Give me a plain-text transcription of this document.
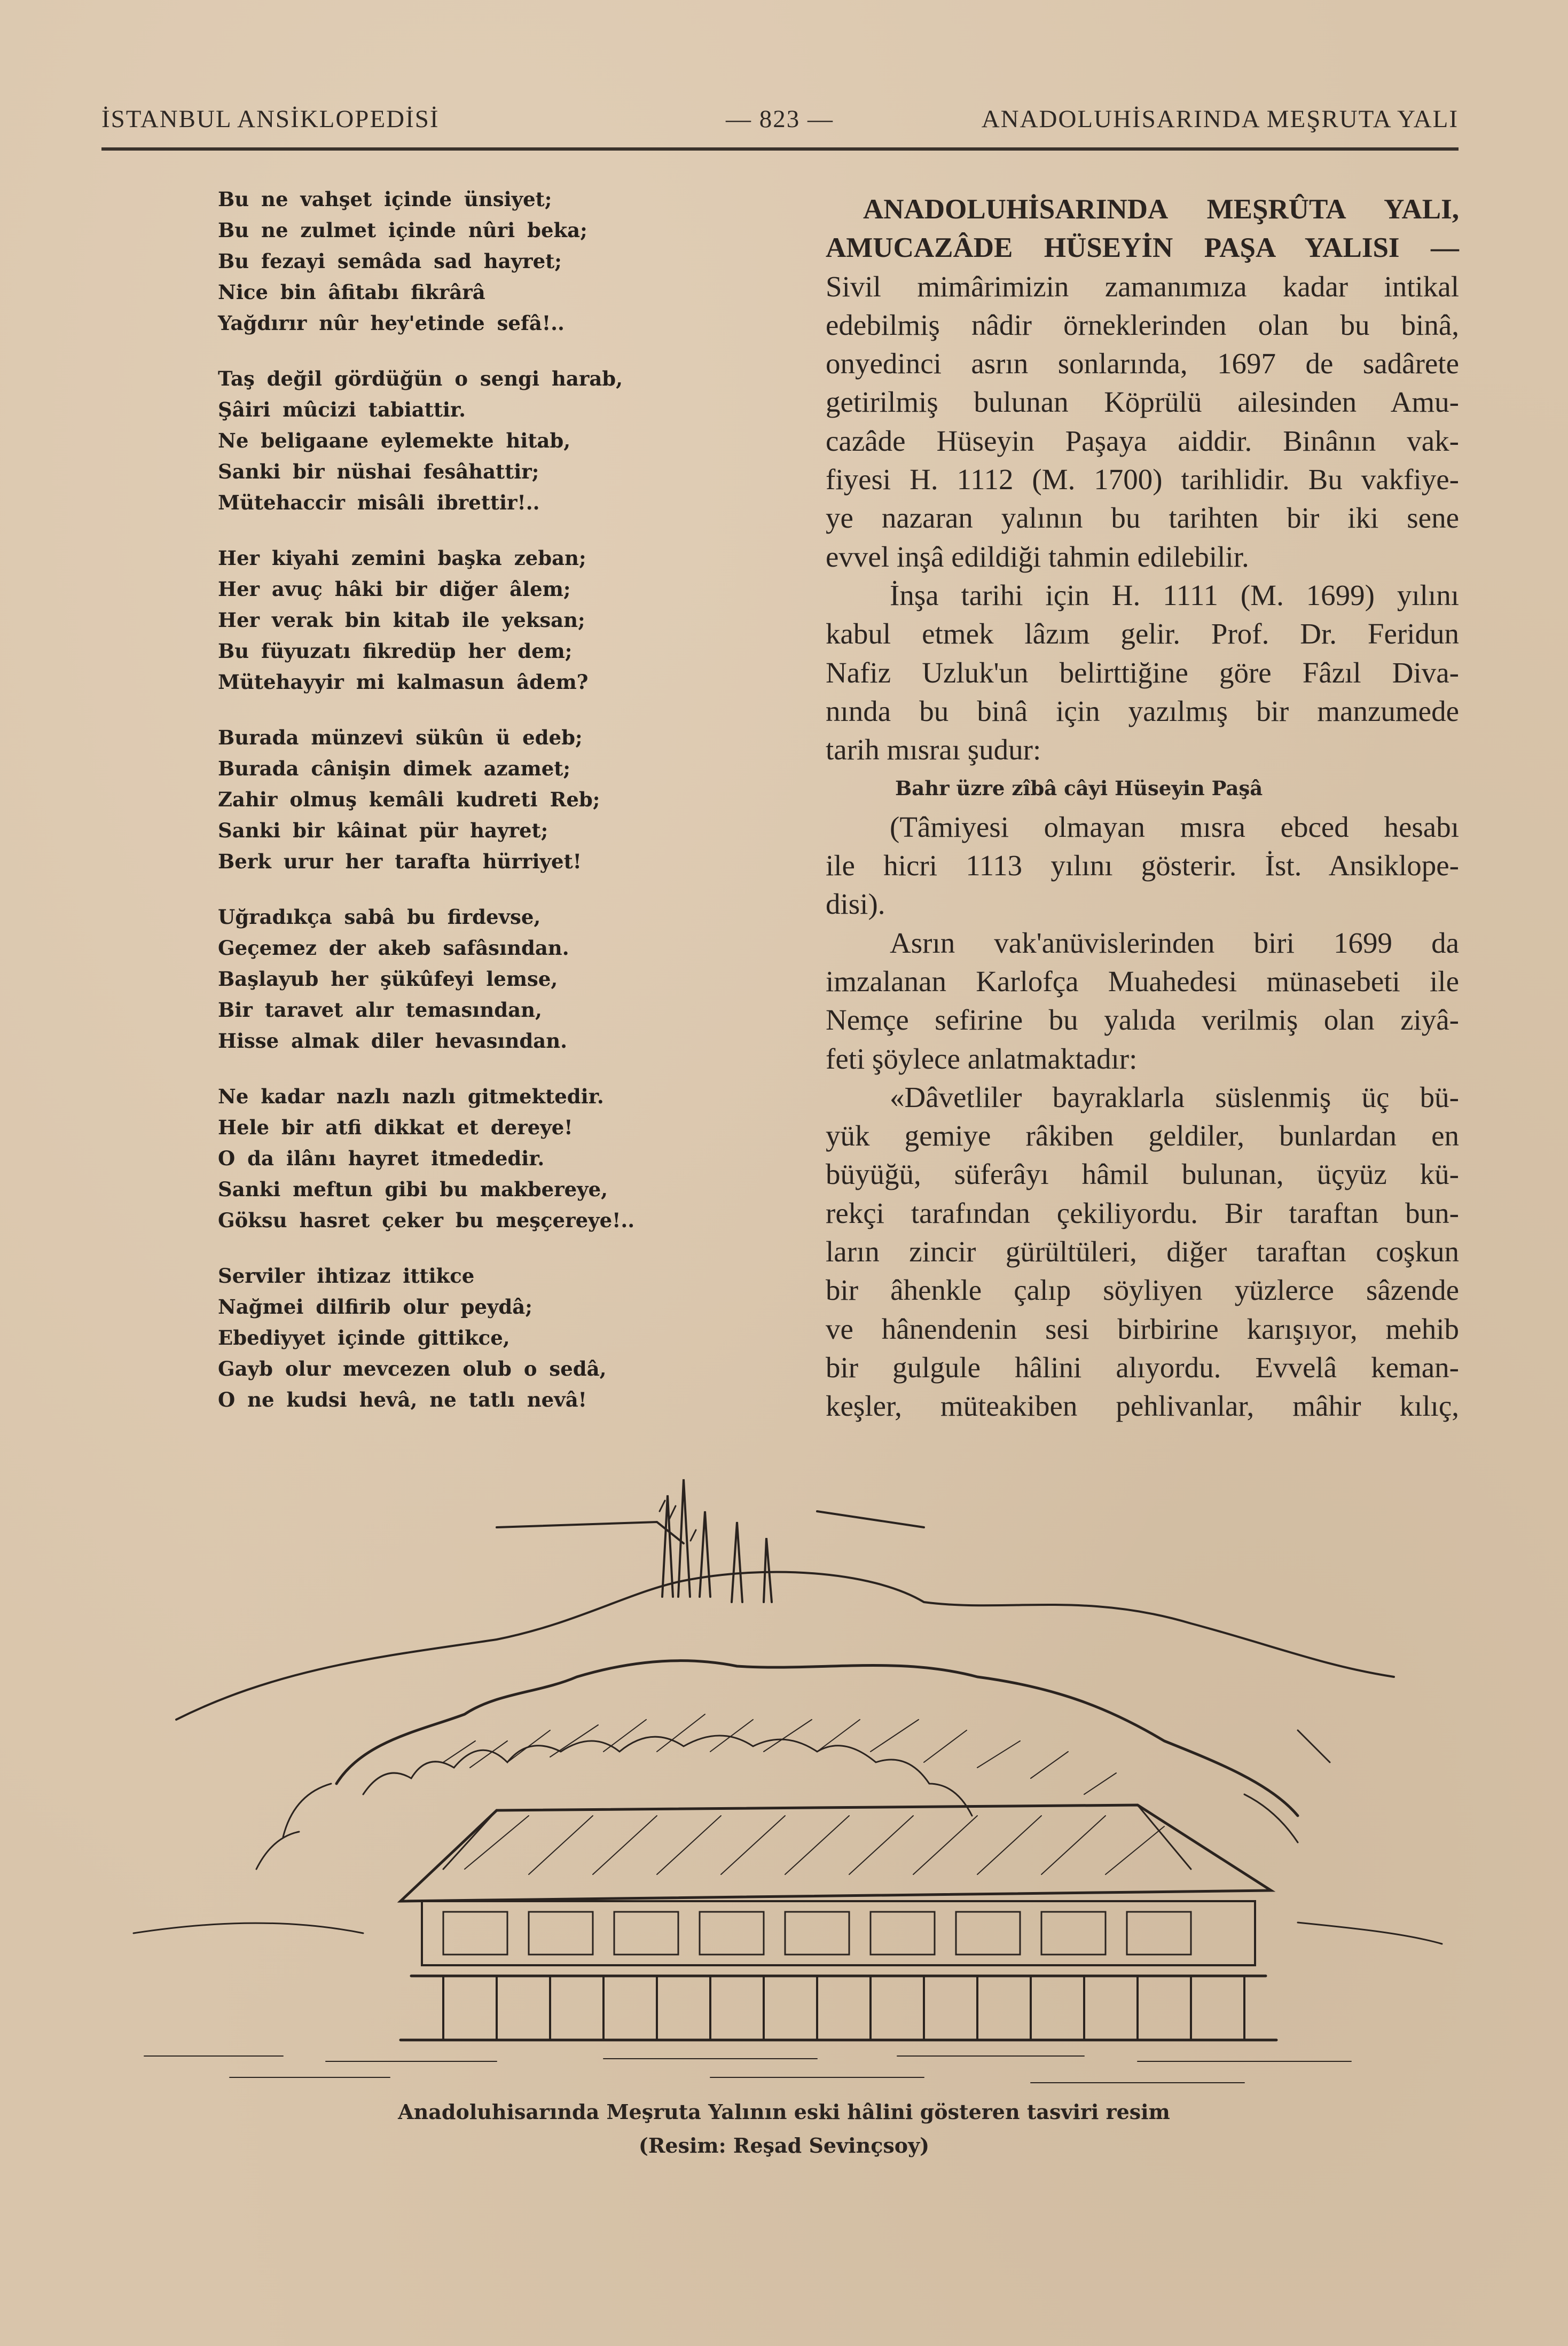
İSTANBUL ANSİKLOPEDİSİ	— 823 —	ANADOLUHİSARINDA MEŞRUTA YALI
Bu ne vahşet içinde ünsiyet;
Bu ne zulmet içinde nûri beka;
Bu fezayi semâda sad hayret;
Nice bin âfitabı fikrârâ
Yağdırır nûr hey'etinde sefâ!..
Taş değil gördüğün o sengi harab,
Şâiri mûcizi tabiattir.
Ne beligaane eylemekte hitab,
Sanki bir nüshai fesâhattir;
Mütehaccir misâli ibrettir!..
Her kiyahi zemini başka zeban;
Her avuç hâki bir diğer âlem;
Her verak bin kitab ile yeksan;
Bu füyuzatı fikredüp her dem;
Mütehayyir mi kalmasun âdem?
Burada münzevi sükûn ü edeb;
Burada cânişin dimek azamet;
Zahir olmuş kemâli kudreti Reb;
Sanki bir kâinat pür hayret;
Berk urur her tarafta hürriyet!
Uğradıkça sabâ bu firdevse,
Geçemez der akeb safâsından.
Başlayub her şükûfeyi lemse,
Bir taravet alır temasından,
Hisse almak diler hevasından.
Ne kadar nazlı nazlı gitmektedir.
Hele bir atfi dikkat et dereye!
O da ilânı hayret itmededir.
Sanki meftun gibi bu makbereye,
Göksu hasret çeker bu meşçereye!..
Serviler ihtizaz ittikce
Nağmei dilfirib olur peydâ;
Ebediyyet içinde gittikce,
Gayb olur mevcezen olub o sedâ,
O ne kudsi hevâ, ne tatlı nevâ!
ANADOLUHİSARINDA MEŞRÛTA YALI,
AMUCAZÂDE HÜSEYİN PAŞA YALISI —
Sivil mimârimizin zamanımıza kadar intikal
edebilmiş nâdir örneklerinden olan bu binâ,
onyedinci asrın sonlarında, 1697 de sadârete
getirilmiş bulunan Köprülü ailesinden Amu-
cazâde Hüseyin Paşaya aiddir. Binânın vak-
fiyesi H. 1112 (M. 1700) tarihlidir. Bu vakfiye-
ye nazaran yalının bu tarihten bir iki sene
evvel inşâ edildiği tahmin edilebilir.
İnşa tarihi için H. 1111 (M. 1699) yılını
kabul etmek lâzım gelir. Prof. Dr. Feridun
Nafiz Uzluk'un belirttiğine göre Fâzıl Diva-
nında bu binâ için yazılmış bir manzumede
tarih mısraı şudur:
Bahr üzre zîbâ câyi Hüseyin Paşâ
(Tâmiyesi olmayan mısra ebced hesabı
ile hicri 1113 yılını gösterir. İst. Ansiklope-
disi).
Asrın vak'anüvislerinden biri 1699 da
imzalanan Karlofça Muahedesi münasebeti ile
Nemçe sefirine bu yalıda verilmiş olan ziyâ-
feti şöylece anlatmaktadır:
«Dâvetliler bayraklarla süslenmiş üç bü-
yük gemiye râkiben geldiler, bunlardan en
büyüğü, süferâyı hâmil bulunan, üçyüz kü-
rekçi tarafından çekiliyordu. Bir taraftan bun-
ların zincir gürültüleri, diğer taraftan coşkun
bir âhenkle çalıp söyliyen yüzlerce sâzende
ve hânendenin sesi birbirine karışıyor, mehib
bir gulgule hâlini alıyordu. Evvelâ keman-
keşler, müteakiben pehlivanlar, mâhir kılıç,
Anadoluhisarında Meşruta Yalının eski hâlini gösteren tasviri resim
(Resim: Reşad Sevinçsoy)
